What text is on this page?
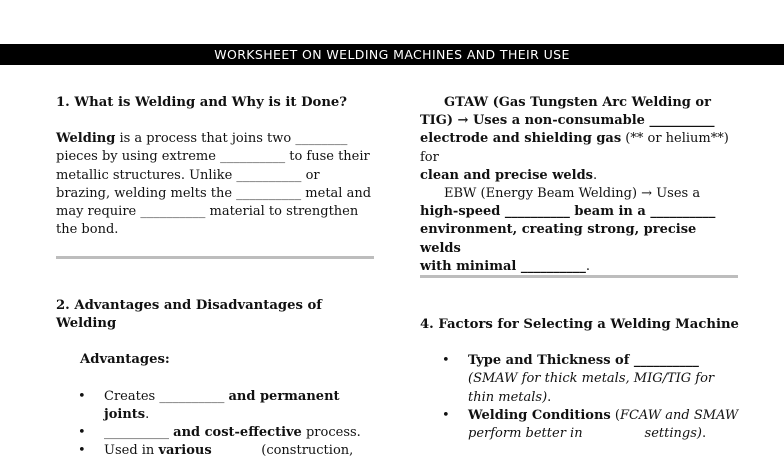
WORKSHEET ON WELDING MACHINES AND THEIR USE
1. What is Welding and Why is it Done?
Welding is a process that joins two ________
pieces by using extreme __________ to fuse their
metallic structures. Unlike __________ or
brazing, welding melts the __________ metal and
may require __________ material to strengthen
the bond.
2. Advantages and Disadvantages of Welding
Advantages:
• Creates __________ and permanent
joints.
• __________ and cost-effective process.
• Used in various            (construction,
GTAW (Gas Tungsten Arc Welding or
TIG) → Uses a non-consumable __________
electrode and shielding gas (** or helium**) for
clean and precise welds.
EBW (Energy Beam Welding) → Uses a
high-speed __________ beam in a __________
environment, creating strong, precise welds
with minimal __________.
4. Factors for Selecting a Welding Machine
• Type and Thickness of __________
(SMAW for thick metals, MIG/TIG for
thin metals).
• Welding Conditions (FCAW and SMAW
perform better in               settings).
